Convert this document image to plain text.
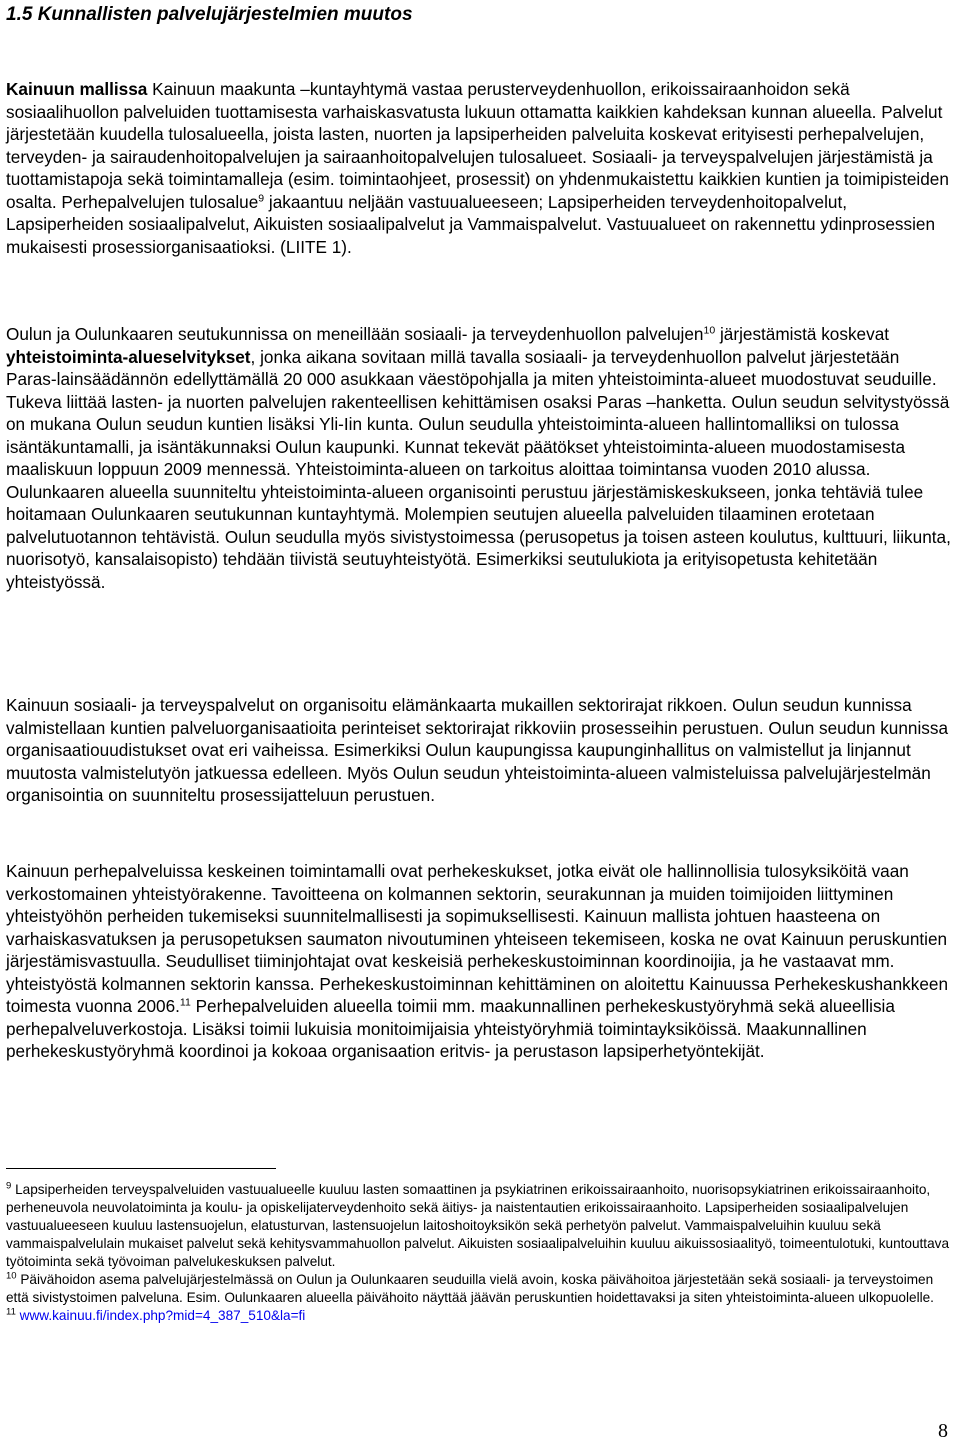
1.5 Kunnallisten palvelujärjestelmien muutos

Kainuun mallissa Kainuun maakunta –kuntayhtymä vastaa perusterveydenhuollon, erikoissairaanhoidon sekä sosiaalihuollon palveluiden tuottamisesta varhaiskasvatusta lukuun ottamatta kaikkien kahdeksan kunnan alueella. Palvelut järjestetään kuudella tulosalueella, joista lasten, nuorten ja lapsiperheiden palveluita koskevat erityisesti perhepalvelujen, terveyden- ja sairaudenhoitopalvelujen ja sairaanhoitopalvelujen tulosalueet. Sosiaali- ja terveyspalvelujen järjestämistä ja tuottamistapoja sekä toimintamalleja (esim. toimintaohjeet, prosessit) on yhdenmukaistettu kaikkien kuntien ja toimipisteiden osalta. Perhepalvelujen tulosalue$^9$ jakaantuu neljään vastuualueeseen; Lapsiperheiden terveydenhoitopalvelut, Lapsiperheiden sosiaalipalvelut, Aikuisten sosiaalipalvelut ja Vammaispalvelut. Vastuualueet on rakennettu ydinprosessien mukaisesti prosessiorganisaatioksi. (LIITE 1).

Oulun ja Oulunkaaren seutukunnissa on meneillään sosiaali- ja terveydenhuollon palvelujen$^{10}$ järjestämistä koskevat yhteistoiminta-alueselvitykset, jonka aikana sovitaan millä tavalla sosiaali- ja terveydenhuollon palvelut järjestetään Paras-lainsäädännön edellyttämällä 20 000 asukkaan väestöpohjalla ja miten yhteistoiminta-alueet muodostuvat seuduille. Tukeva liittää lasten- ja nuorten palvelujen rakenteellisen kehittämisen osaksi Paras –hanketta. Oulun seudun selvitystyössä on mukana Oulun seudun kuntien lisäksi Yli-Iin kunta. Oulun seudulla yhteistoiminta-alueen hallintomalliksi on tulossa isäntäkuntamalli, ja isäntäkunnaksi Oulun kaupunki. Kunnat tekevät päätökset yhteistoiminta-alueen muodostamisesta maaliskuun loppuun 2009 mennessä. Yhteistoiminta-alueen on tarkoitus aloittaa toimintansa vuoden 2010 alussa. Oulunkaaren alueella suunniteltu yhteistoiminta-alueen organisointi perustuu järjestämiskeskukseen, jonka tehtäviä tulee hoitamaan Oulunkaaren seutukunnan kuntayhtymä. Molempien seutujen alueella palveluiden tilaaminen erotetaan palvelutuotannon tehtävistä. Oulun seudulla myös sivistystoimessa (perusopetus ja toisen asteen koulutus, kulttuuri, liikunta, nuorisotyö, kansalaisopisto) tehdään tiivistä seutuyhteistyötä. Esimerkiksi seutulukiota ja erityisopetusta kehitetään yhteistyössä.

Kainuun sosiaali- ja terveyspalvelut on organisoitu elämänkaarta mukaillen sektorirajat rikkoen. Oulun seudun kunnissa valmistellaan kuntien palveluorganisaatioita perinteiset sektorirajat rikkoviin prosesseihin perustuen. Oulun seudun kunnissa organisaatiouudistukset ovat eri vaiheissa. Esimerkiksi Oulun kaupungissa kaupunginhallitus on valmistellut ja linjannut muutosta valmistelutyön jatkuessa edelleen. Myös Oulun seudun yhteistoiminta-alueen valmisteluissa palvelujärjestelmän organisointia on suunniteltu prosessijatteluun perustuen.

Kainuun perhepalveluissa keskeinen toimintamalli ovat perhekeskukset, jotka eivät ole hallinnollisia tulosyksiköitä vaan verkostomainen yhteistyörakenne. Tavoitteena on kolmannen sektorin, seurakunnan ja muiden toimijoiden liittyminen yhteistyöhön perheiden tukemiseksi suunnitelmallisesti ja sopimuksellisesti. Kainuun mallista johtuen haasteena on varhaiskasvatuksen ja perusopetuksen saumaton nivoutuminen yhteiseen tekemiseen, koska ne ovat Kainuun peruskuntien järjestämisvastuulla. Seudulliset tiiminjohtajat ovat keskeisiä perhekeskustoiminnan koordinoijia, ja he vastaavat mm. yhteistyöstä kolmannen sektorin kanssa. Perhekeskustoiminnan kehittäminen on aloitettu Kainuussa Perhekeskushankkeen toimesta vuonna 2006.11 Perhepalveluiden alueella toimii mm. maakunnallinen perhekeskustyöryhmä sekä alueellisia perhepalveluverkostoja. Lisäksi toimii lukuisia monitoimijaisia yhteistyöryhmiä toimintayksiköissä. Maakunnallinen perhekeskustyöryhmä koordinoi ja kokoaa organisaation eritvis- ja perustason lapsiperhetyöntekijät.

$^9$ Lapsiperheiden terveyspalveluiden vastuualueelle kuuluu lasten somaattinen ja psykiatrinen erikoissairaanhoito, nuorisopsykiatrinen erikoissairaanhoito, perheneuvola neuvolatoiminta ja koulu- ja opiskelijaterveydenhoito sekä äitiys- ja naistentautien erikoissairaanhoito. Lapsiperheiden sosiaalipalvelujen vastuualueeseen kuuluu lastensuojelun, elatusturvan, lastensuojelun laitoshoitoyksikön sekä perhetyön palvelut. Vammaispalveluihin kuuluu sekä vammaispalvelulain mukaiset palvelut sekä kehitysvammahuollon palvelut. Aikuisten sosiaalipalveluihin kuuluu aikuissosiaalityö, toimeentulotuki, kuntouttava työtoiminta sekä työvoiman palvelukeskuksen palvelut.

$^{10}$ Päivähoidon asema palvelujärjestelmässä on Oulun ja Oulunkaaren seuduilla vielä avoin, koska päivähoitoa järjestetään sekä sosiaali- ja terveystoimen että sivistystoimen palveluna. Esim. Oulunkaaren alueella päivähoito näyttää jäävän peruskuntien hoidettavaksi ja siten yhteistoiminta-alueen ulkopuolelle.

$^{11}$ www.kainuu.fi/index.php?mid=4_387_510&la=fi

8
